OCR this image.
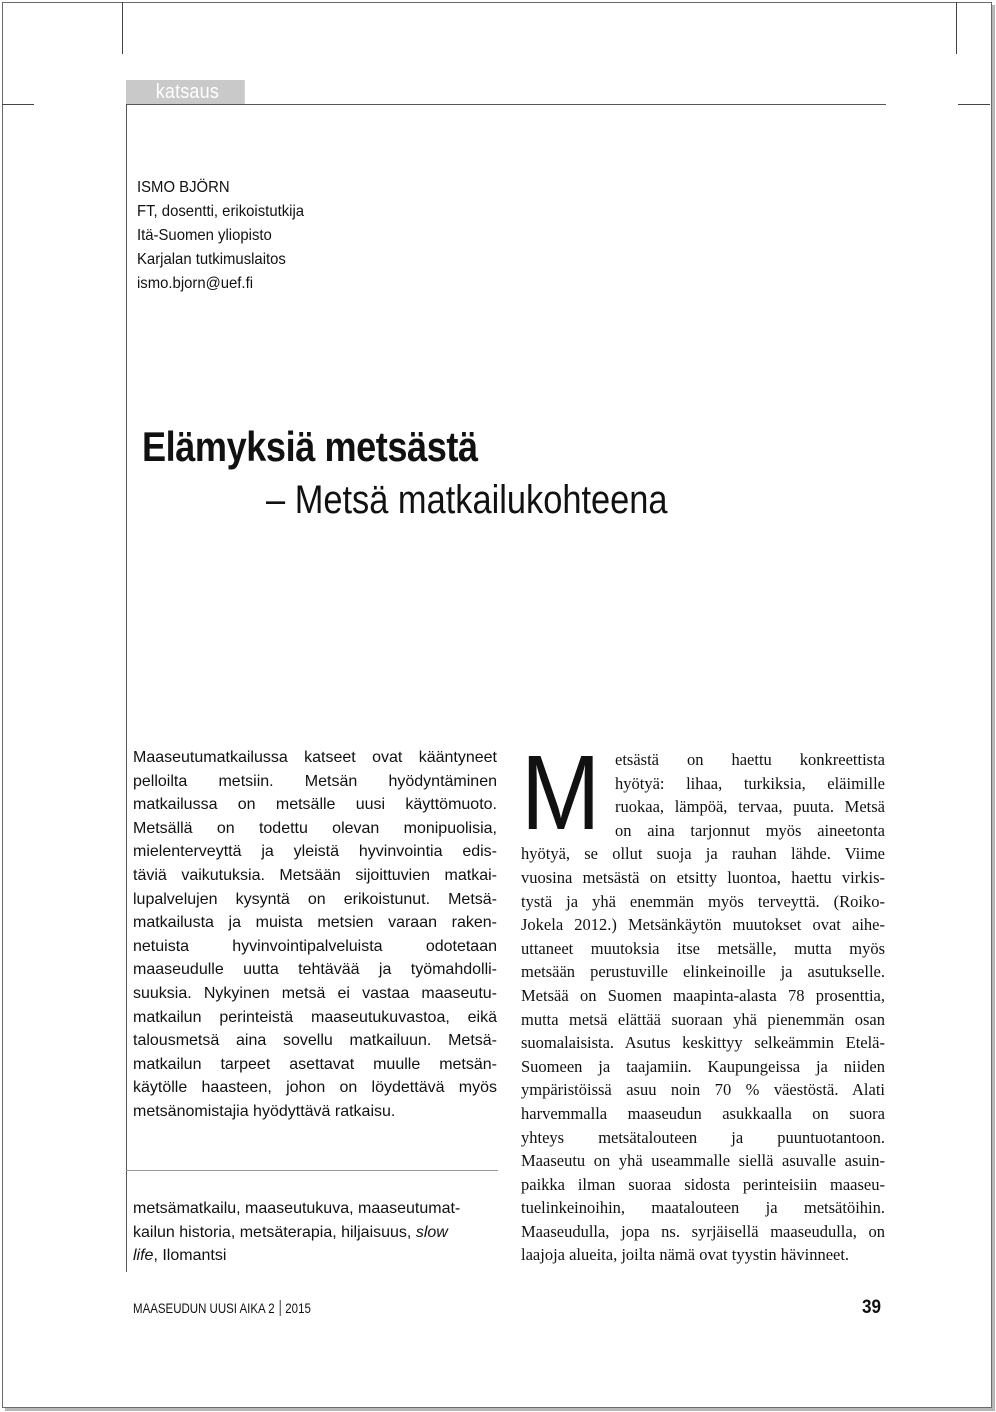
katsaus
ISMO BJÖRN
FT, dosentti, erikoistutkija
Itä-Suomen yliopisto
Karjalan tutkimuslaitos
ismo.bjorn@uef.fi
Elämyksiä metsästä
– Metsä matkailukohteena
Maaseutumatkailussa katseet ovat kääntyneet
pelloilta metsiin. Metsän hyödyntäminen
matkailussa on metsälle uusi käyttömuoto.
Metsällä on todettu olevan monipuolisia,
mielenterveyttä ja yleistä hyvinvointia edis-
täviä vaikutuksia. Metsään sijoittuvien matkai-
lupalvelujen kysyntä on erikoistunut. Metsä-
matkailusta ja muista metsien varaan raken-
netuista hyvinvointipalveluista odotetaan
maaseudulle uutta tehtävää ja työmahdolli-
suuksia. Nykyinen metsä ei vastaa maaseutu-
matkailun perinteistä maaseutukuvastoa, eikä
talousmetsä aina sovellu matkailuun. Metsä-
matkailun tarpeet asettavat muulle metsän-
käytölle haasteen, johon on löydettävä myös
metsänomistajia hyödyttävä ratkaisu.
metsämatkailu, maaseutukuva, maaseutumat-
kailun historia, metsäterapia, hiljaisuus, slow
life, Ilomantsi
M etsästä on haettu konkreettista
hyötyä: lihaa, turkiksia, eläimille
ruokaa, lämpöä, tervaa, puuta. Metsä
on aina tarjonnut myös aineetonta
hyötyä, se ollut suoja ja rauhan lähde. Viime
vuosina metsästä on etsitty luontoa, haettu virkis-
tystä ja yhä enemmän myös terveyttä. (Roiko-
Jokela 2012.) Metsänkäytön muutokset ovat aihe-
uttaneet muutoksia itse metsälle, mutta myös
metsään perustuville elinkeinoille ja asutukselle.
Metsää on Suomen maapinta-alasta 78 prosenttia,
mutta metsä elättää suoraan yhä pienemmän osan
suomalaisista. Asutus keskittyy selkeämmin Etelä-
Suomeen ja taajamiin. Kaupungeissa ja niiden
ympäristöissä asuu noin 70 % väestöstä. Alati
harvemmalla maaseudun asukkaalla on suora
yhteys metsätalouteen ja puuntuotantoon.
Maaseutu on yhä useammalle siellä asuvalle asuin-
paikka ilman suoraa sidosta perinteisiin maaseu-
tuelinkeinoihin, maatalouteen ja metsätöihin.
Maaseudulla, jopa ns. syrjäisellä maaseudulla, on
laajoja alueita, joilta nämä ovat tyystin hävinneet.
MAASEUDUN UUSI AIKA 2 2015	39
